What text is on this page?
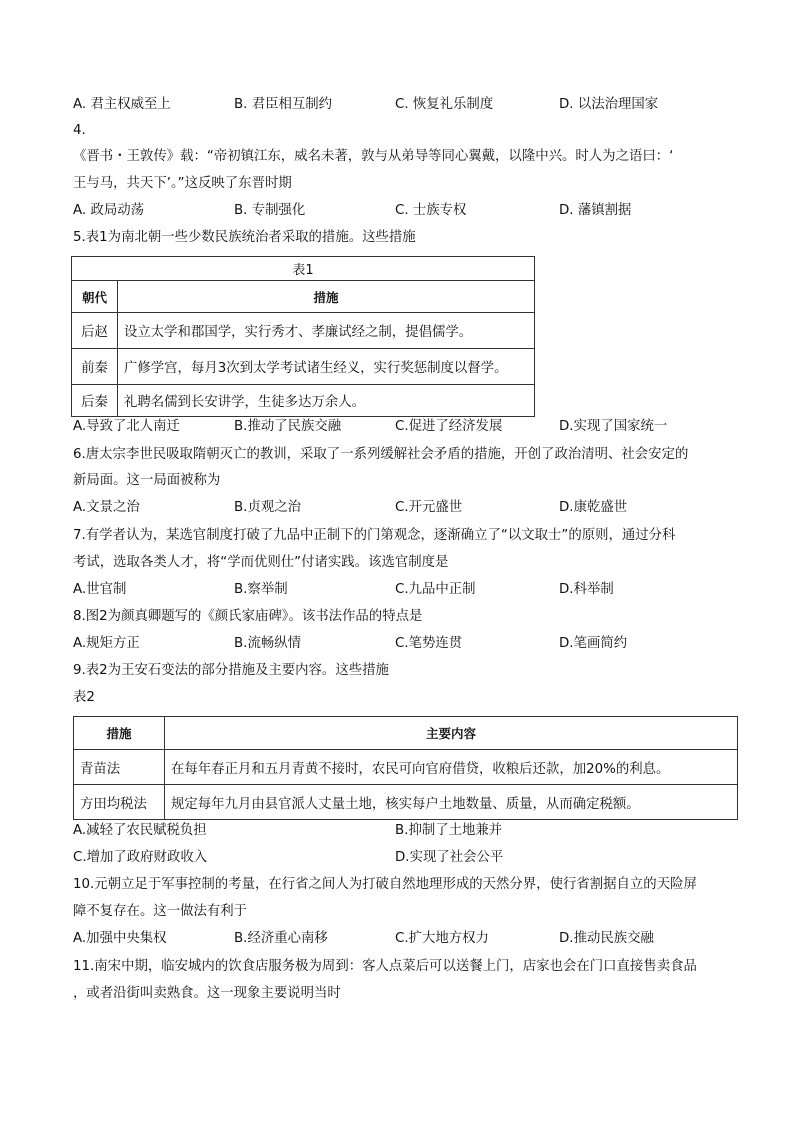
A. 君主权威至上	B. 君臣相互制约	C. 恢复礼乐制度	D. 以法治理国家
4.
《晋书・王敦传》载：“帝初镇江东，威名未著，敦与从弟导等同心翼戴，以隆中兴。时人为之语曰：‘
王与马，共天下’。”这反映了东晋时期
A. 政局动荡	B. 专制强化	C. 士族专权	D. 藩镇割据
5.表1为南北朝一些少数民族统治者采取的措施。这些措施
表1	
朝代	措施
后赵	设立太学和郡国学，实行秀才、孝廉试经之制，提倡儒学。
前秦	广修学宫，每月3次到太学考试诸生经义，实行奖惩制度以督学。
后秦	礼聘名儒到长安讲学，生徒多达万余人。
A.导致了北人南迁	B.推动了民族交融	C.促进了经济发展	D.实现了国家统一
6.唐太宗李世民吸取隋朝灭亡的教训，采取了一系列缓解社会矛盾的措施，开创了政治清明、社会安定的
新局面。这一局面被称为
A.文景之治	B.贞观之治	C.开元盛世	D.康乾盛世
7.有学者认为，某选官制度打破了九品中正制下的门第观念，逐渐确立了“以文取士”的原则，通过分科
考试，选取各类人才，将“学而优则仕”付诸实践。该选官制度是
A.世官制	B.察举制	C.九品中正制	D.科举制
8.图2为颜真卿题写的《颜氏家庙碑》。该书法作品的特点是
A.规矩方正	B.流畅纵情	C.笔势连贯	D.笔画简约
9.表2为王安石变法的部分措施及主要内容。这些措施
表2
措施	主要内容
青苗法	在每年春正月和五月青黄不接时，农民可向官府借贷，收粮后还款，加20%的利息。
方田均税法	规定每年九月由县官派人丈量土地，核实每户土地数量、质量，从而确定税额。
A.减轻了农民赋税负担	B.抑制了土地兼并
C.增加了政府财政收入	D.实现了社会公平
10.元朝立足于军事控制的考量，在行省之间人为打破自然地理形成的天然分界，使行省割据自立的天险屏
障不复存在。这一做法有利于
A.加强中央集权	B.经济重心南移	C.扩大地方权力	D.推动民族交融
11.南宋中期，临安城内的饮食店服务极为周到：客人点菜后可以送餐上门，店家也会在门口直接售卖食品
，或者沿街叫卖熟食。这一现象主要说明当时
